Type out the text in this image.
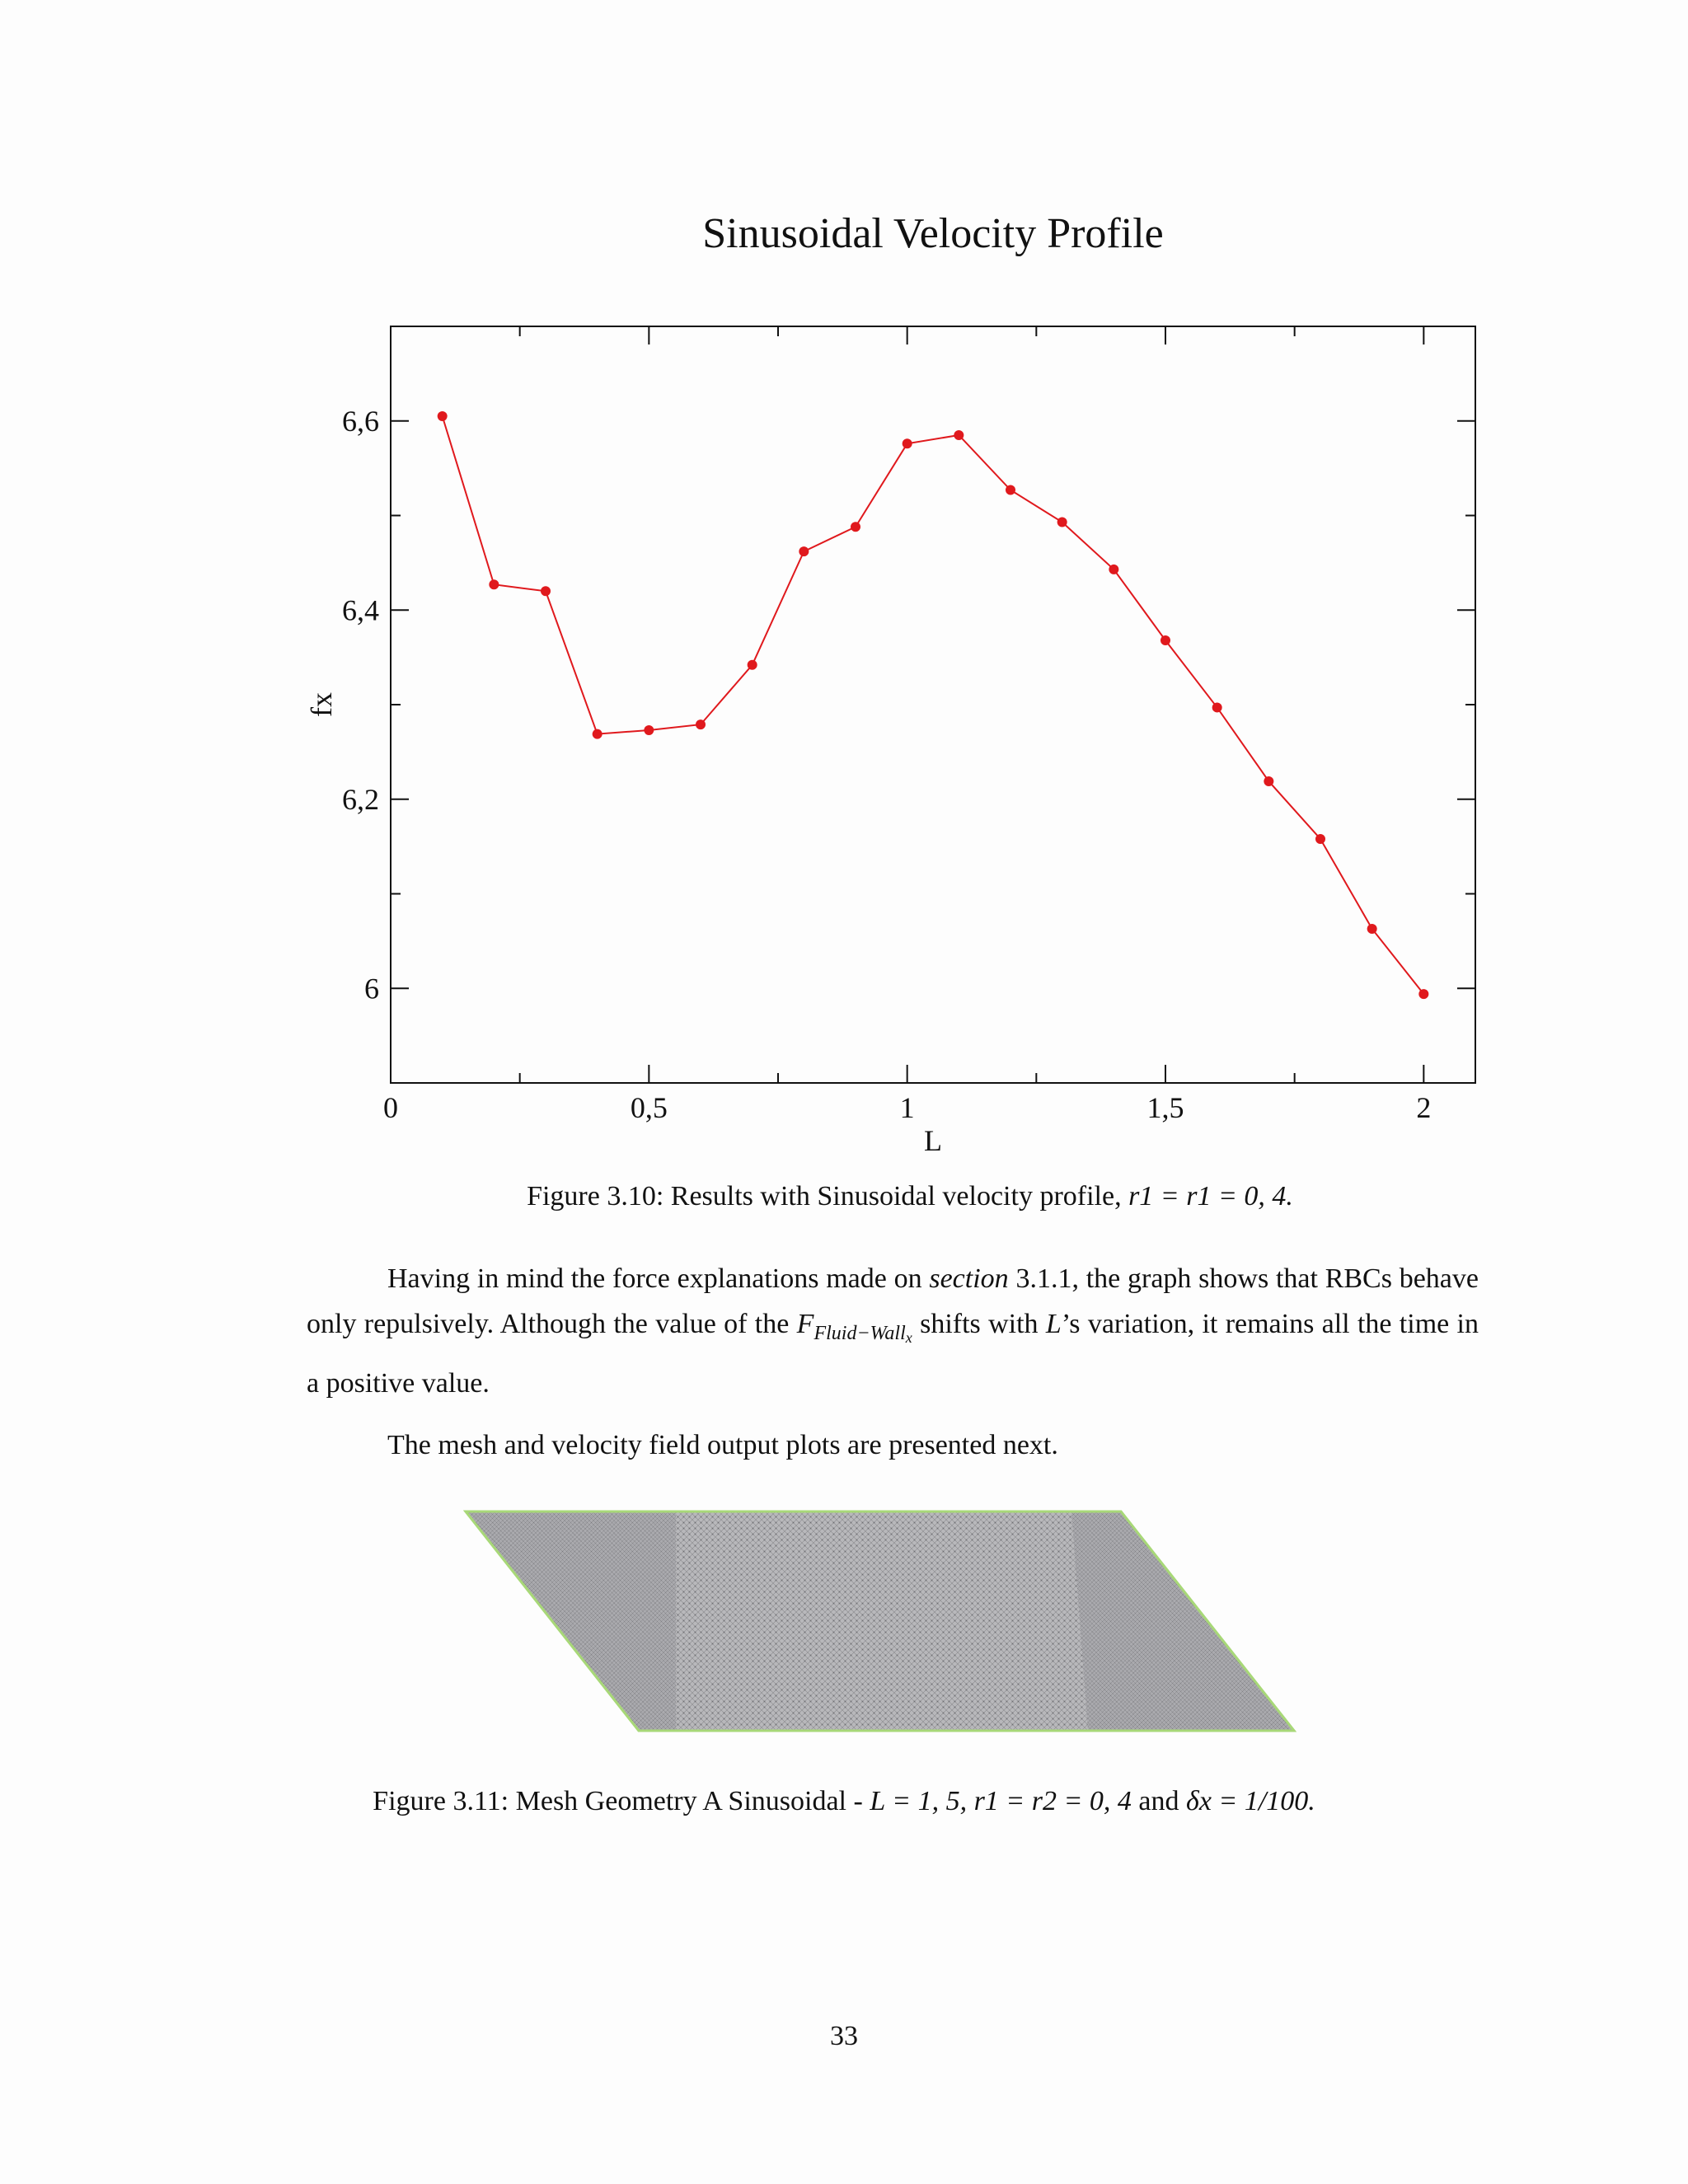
Sinusoidal Velocity Profile
0	0,5	1	1,5	2
6
6,2
6,4
6,6
L
fx
Figure 3.10: Results with Sinusoidal velocity profile, r1 = r1 = 0, 4.
Having in mind the force explanations made on section 3.1.1, the graph shows that RBCs behave only repulsively. Although the value of the $F_{Fluid-Wall_x}$ shifts with L’s variation, it remains all the time in a positive value.
The mesh and velocity field output plots are presented next.
Figure 3.11: Mesh Geometry A Sinusoidal - L = 1, 5, r1 = r2 = 0, 4 and δx = 1/100.
33
